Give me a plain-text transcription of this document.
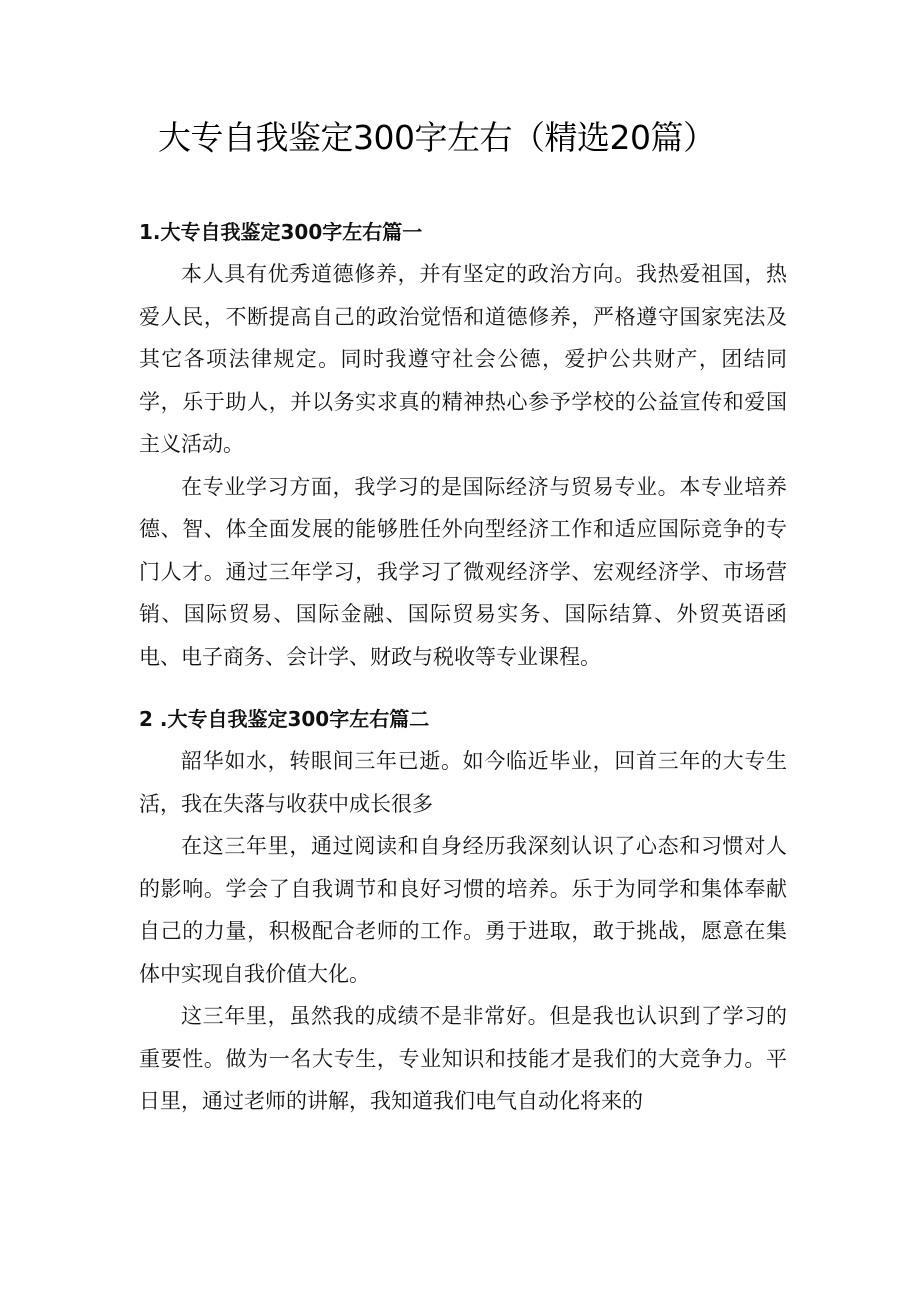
大专自我鉴定300字左右（精选20篇）
1.大专自我鉴定300字左右篇一

本人具有优秀道德修养，并有坚定的政治方向。我热爱祖国，热爱人民，不断提高自己的政治觉悟和道德修养，严格遵守国家宪法及其它各项法律规定。同时我遵守社会公德，爱护公共财产，团结同学，乐于助人，并以务实求真的精神热心参予学校的公益宣传和爱国主义活动。

在专业学习方面，我学习的是国际经济与贸易专业。本专业培养德、智、体全面发展的能够胜任外向型经济工作和适应国际竞争的专门人才。通过三年学习，我学习了微观经济学、宏观经济学、市场营销、国际贸易、国际金融、国际贸易实务、国际结算、外贸英语函电、电子商务、会计学、财政与税收等专业课程。

2 .大专自我鉴定300字左右篇二

韶华如水，转眼间三年已逝。如今临近毕业，回首三年的大专生活，我在失落与收获中成长很多

在这三年里，通过阅读和自身经历我深刻认识了心态和习惯对人的影响。学会了自我调节和良好习惯的培养。乐于为同学和集体奉献自己的力量，积极配合老师的工作。勇于进取，敢于挑战，愿意在集体中实现自我价值大化。

这三年里，虽然我的成绩不是非常好。但是我也认识到了学习的重要性。做为一名大专生，专业知识和技能才是我们的大竞争力。平日里，通过老师的讲解，我知道我们电气自动化将来的
